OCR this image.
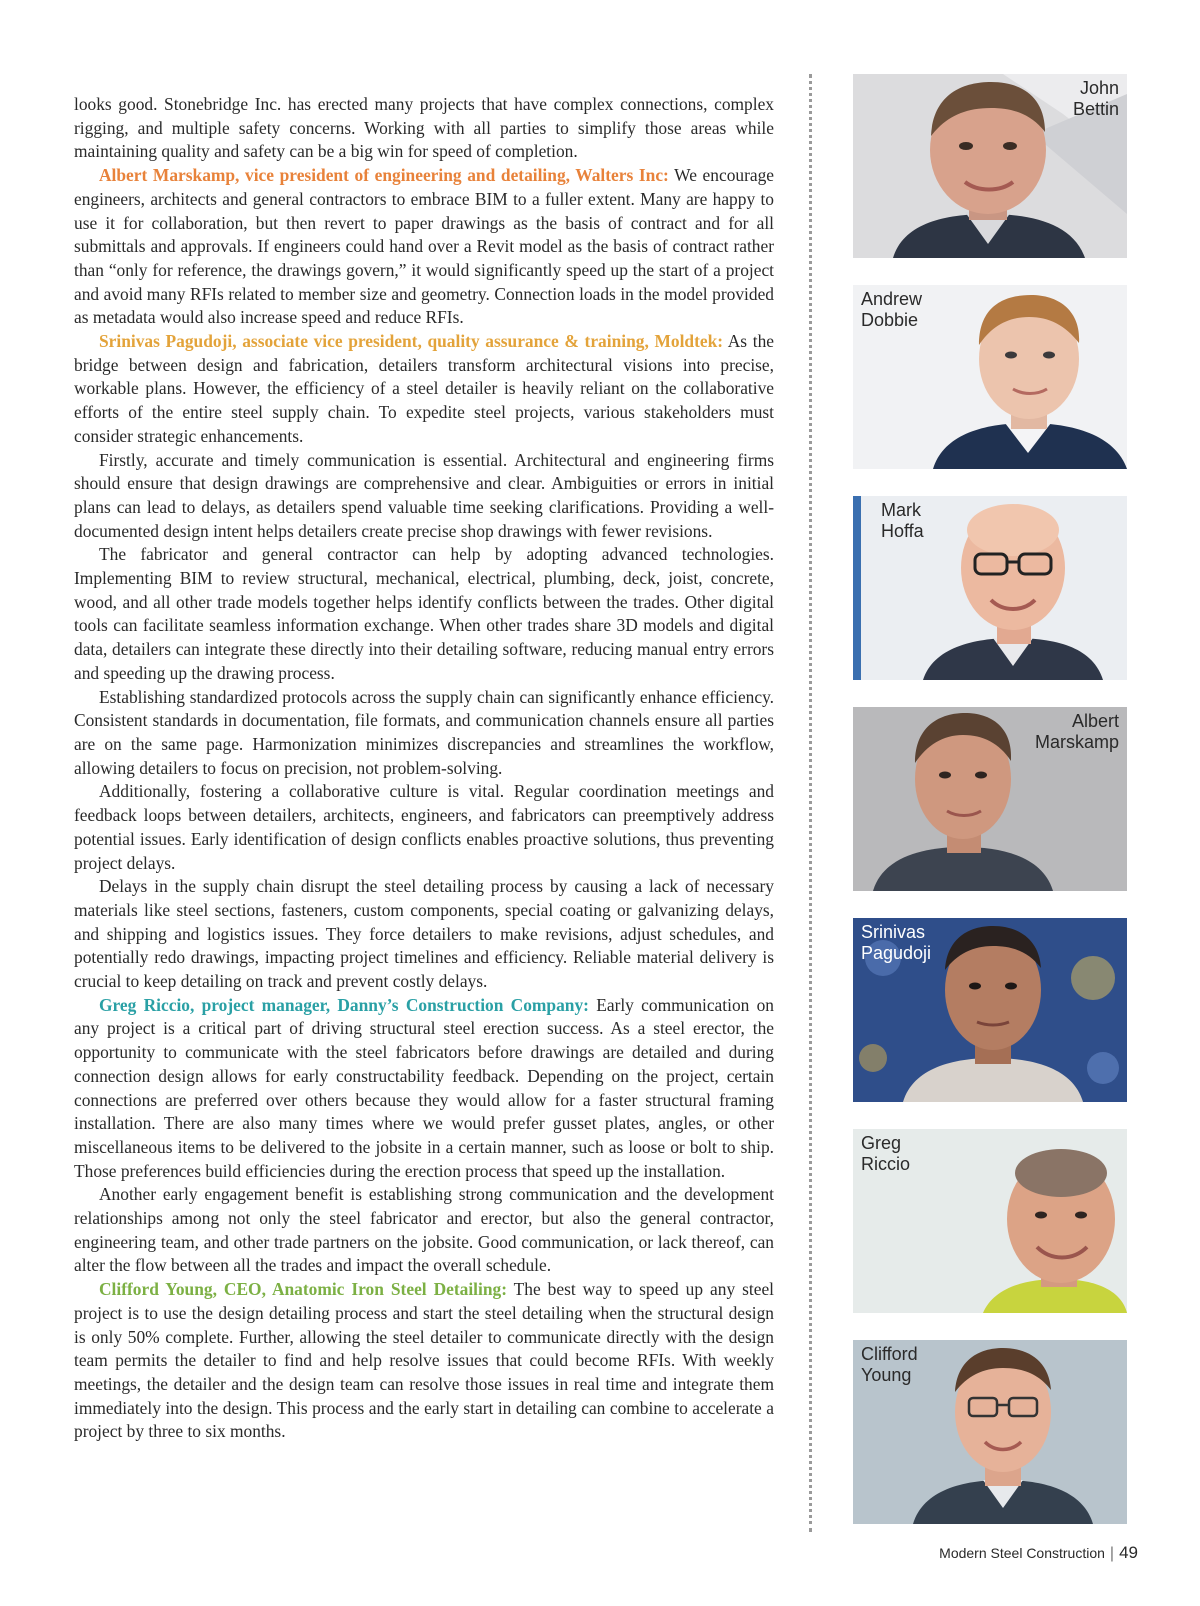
looks good. Stonebridge Inc. has erected many projects that have complex connections, complex rigging, and multiple safety concerns. Working with all parties to simplify those areas while maintaining quality and safety can be a big win for speed of completion.

Albert Marskamp, vice president of engineering and detailing, Walters Inc: We encourage engineers, architects and general contractors to embrace BIM to a fuller extent. Many are happy to use it for collaboration, but then revert to paper drawings as the basis of contract and for all submittals and approvals. If engineers could hand over a Revit model as the basis of contract rather than “only for reference, the drawings govern,” it would significantly speed up the start of a project and avoid many RFIs related to member size and geometry. Connection loads in the model provided as metadata would also increase speed and reduce RFIs.

Srinivas Pagudoji, associate vice president, quality assurance & training, Moldtek: As the bridge between design and fabrication, detailers transform architectural visions into precise, workable plans. However, the efficiency of a steel detailer is heavily reliant on the collaborative efforts of the entire steel supply chain. To expedite steel projects, various stakeholders must consider strategic enhancements.

Firstly, accurate and timely communication is essential. Architectural and engineering firms should ensure that design drawings are comprehensive and clear. Ambiguities or errors in initial plans can lead to delays, as detailers spend valuable time seeking clarifications. Providing a well-documented design intent helps detailers create precise shop drawings with fewer revisions.

The fabricator and general contractor can help by adopting advanced technologies. Implementing BIM to review structural, mechanical, electrical, plumbing, deck, joist, concrete, wood, and all other trade models together helps identify conflicts between the trades. Other digital tools can facilitate seamless information exchange. When other trades share 3D models and digital data, detailers can integrate these directly into their detailing software, reducing manual entry errors and speeding up the drawing process.

Establishing standardized protocols across the supply chain can significantly enhance efficiency. Consistent standards in documentation, file formats, and communication channels ensure all parties are on the same page. Harmonization minimizes discrepancies and streamlines the workflow, allowing detailers to focus on precision, not problem-solving.

Additionally, fostering a collaborative culture is vital. Regular coordination meetings and feedback loops between detailers, architects, engineers, and fabricators can preemptively address potential issues. Early identification of design conflicts enables proactive solutions, thus preventing project delays.

Delays in the supply chain disrupt the steel detailing process by causing a lack of necessary materials like steel sections, fasteners, custom components, special coating or galvanizing delays, and shipping and logistics issues. They force detailers to make revisions, adjust schedules, and potentially redo drawings, impacting project timelines and efficiency. Reliable material delivery is crucial to keep detailing on track and prevent costly delays.

Greg Riccio, project manager, Danny’s Construction Company: Early communication on any project is a critical part of driving structural steel erection success. As a steel erector, the opportunity to communicate with the steel fabricators before drawings are detailed and during connection design allows for early constructability feedback. Depending on the project, certain connections are preferred over others because they would allow for a faster structural framing installation. There are also many times where we would prefer gusset plates, angles, or other miscellaneous items to be delivered to the jobsite in a certain manner, such as loose or bolt to ship. Those preferences build efficiencies during the erection process that speed up the installation.

Another early engagement benefit is establishing strong communication and the development relationships among not only the steel fabricator and erector, but also the general contractor, engineering team, and other trade partners on the jobsite. Good communication, or lack thereof, can alter the flow between all the trades and impact the overall schedule.

Clifford Young, CEO, Anatomic Iron Steel Detailing: The best way to speed up any steel project is to use the design detailing process and start the steel detailing when the structural design is only 50% complete. Further, allowing the steel detailer to communicate directly with the design team permits the detailer to find and help resolve issues that could become RFIs. With weekly meetings, the detailer and the design team can resolve those issues in real time and integrate them immediately into the design. This process and the early start in detailing can combine to accelerate a project by three to six months.

John
Bettin

Andrew
Dobbie

Mark
Hoffa

Albert
Marskamp

Srinivas
Pagudoji

Greg
Riccio

Clifford
Young

Modern Steel Construction | 49
